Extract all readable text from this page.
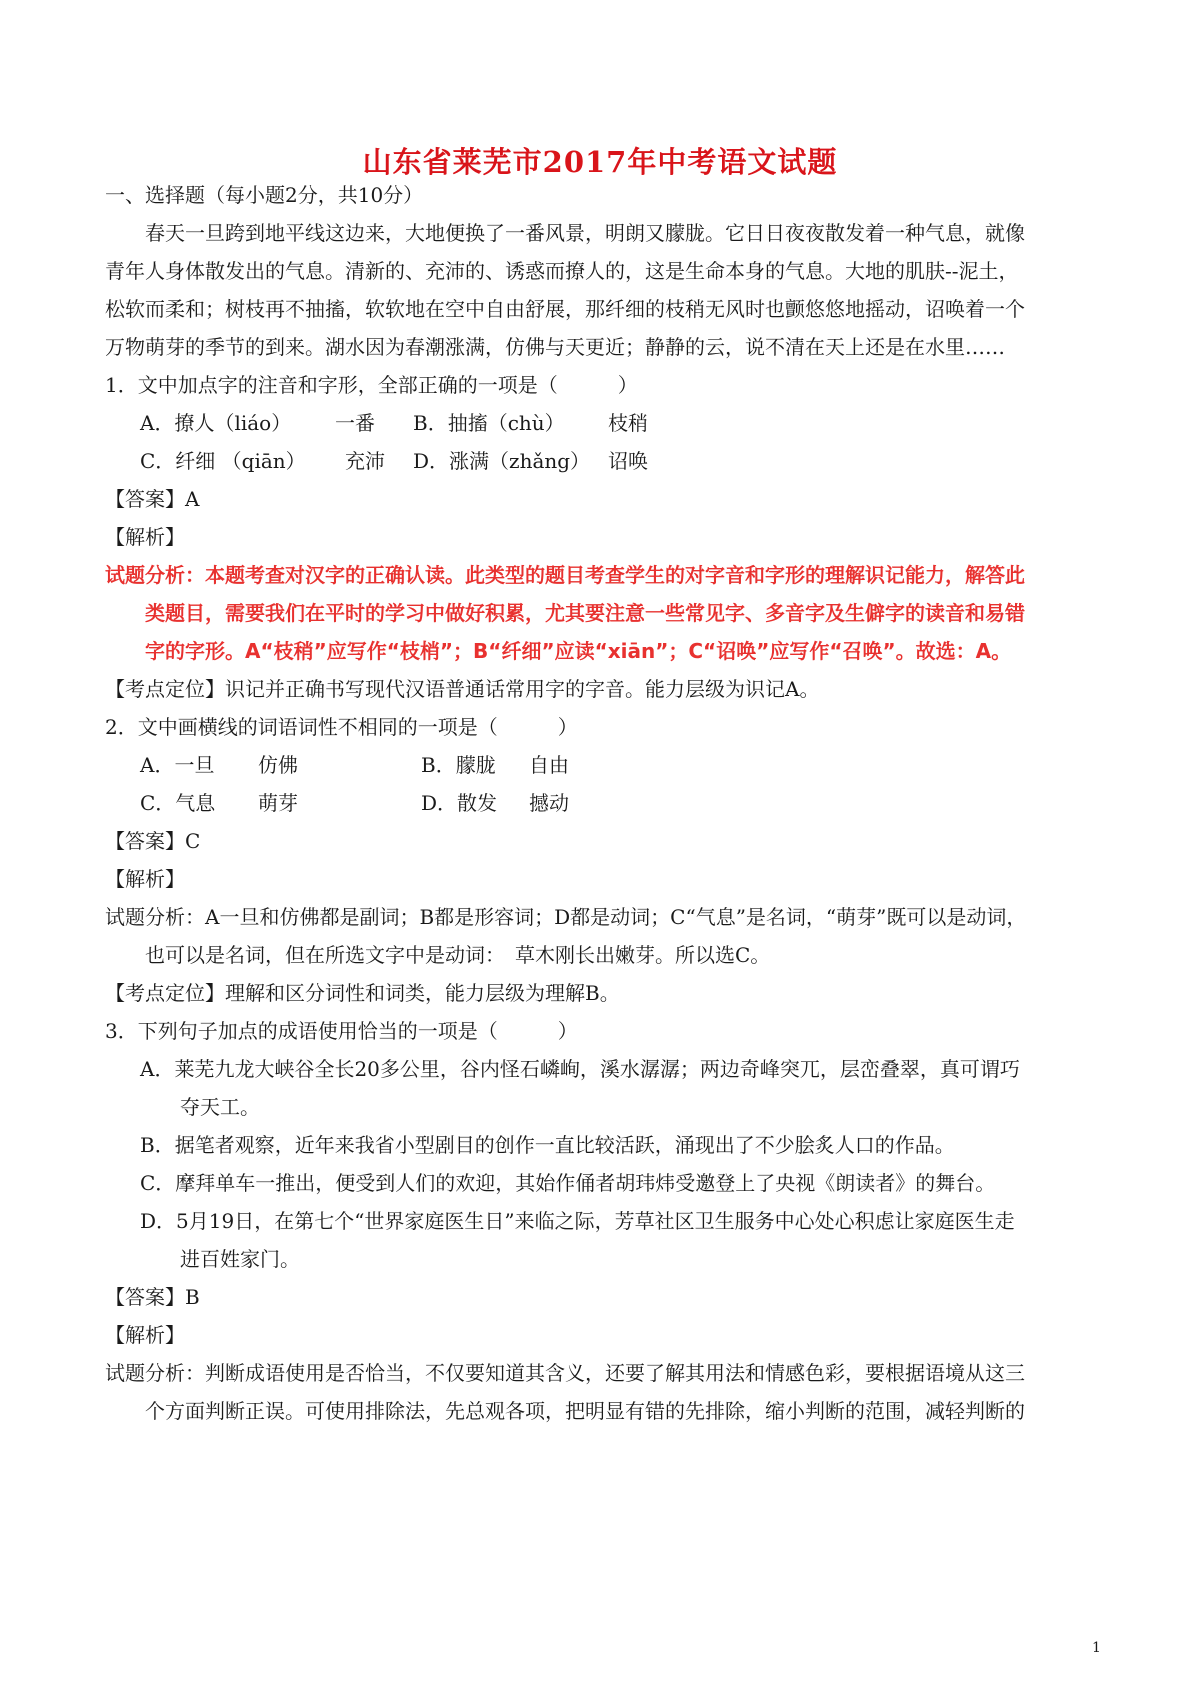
山东省莱芜市2017年中考语文试题
一、选择题（每小题2分，共10分）
春天一旦跨到地平线这边来，大地便换了一番风景，明朗又朦胧。它日日夜夜散发着一种气息，就像
青年人身体散发出的气息。清新的、充沛的、诱惑而撩人的，这是生命本身的气息。大地的肌肤--泥土，
松软而柔和；树枝再不抽搐，软软地在空中自由舒展，那纤细的枝稍无风时也颤悠悠地摇动，诏唤着一个
万物萌芽的季节的到来。湖水因为春潮涨满，仿佛与天更近；静静的云，说不清在天上还是在水里……
1．文中加点字的注音和字形，全部正确的一项是（　　　）
A．撩人（liáo） 一番 B．抽搐（chù） 枝稍
C．纤细 （qiān） 充沛 D．涨满（zhǎng） 诏唤
【答案】A
【解析】
试题分析：本题考查对汉字的正确认读。此类型的题目考查学生的对字音和字形的理解识记能力，解答此
类题目，需要我们在平时的学习中做好积累，尤其要注意一些常见字、多音字及生僻字的读音和易错
字的字形。A“枝稍”应写作“枝梢”；B“纤细”应读“xiān”；C“诏唤”应写作“召唤”。故选：A。
【考点定位】识记并正确书写现代汉语普通话常用字的字音。能力层级为识记A。
2．文中画横线的词语词性不相同的一项是（　　　）
A．一旦 仿佛	B．朦胧 自由
C．气息 萌芽	D．散发 撼动
【答案】C
【解析】
试题分析：A一旦和仿佛都是副词；B都是形容词；D都是动词；C“气息”是名词，“萌芽”既可以是动词，
也可以是名词，但在所选文字中是动词：　草木刚长出嫩芽。所以选C。
【考点定位】理解和区分词性和词类，能力层级为理解B。
3．下列句子加点的成语使用恰当的一项是（　　　）
A．莱芜九龙大峡谷全长20多公里，谷内怪石嶙峋，溪水潺潺；两边奇峰突兀，层峦叠翠，真可谓巧
夺天工。
B．据笔者观察，近年来我省小型剧目的创作一直比较活跃，涌现出了不少脍炙人口的作品。
C．摩拜单车一推出，便受到人们的欢迎，其始作俑者胡玮炜受邀登上了央视《朗读者》的舞台。
D．5月19日，在第七个“世界家庭医生日”来临之际，芳草社区卫生服务中心处心积虑让家庭医生走
进百姓家门。
【答案】B
【解析】
试题分析：判断成语使用是否恰当，不仅要知道其含义，还要了解其用法和情感色彩，要根据语境从这三
个方面判断正误。可使用排除法，先总观各项，把明显有错的先排除，缩小判断的范围，减轻判断的
1
